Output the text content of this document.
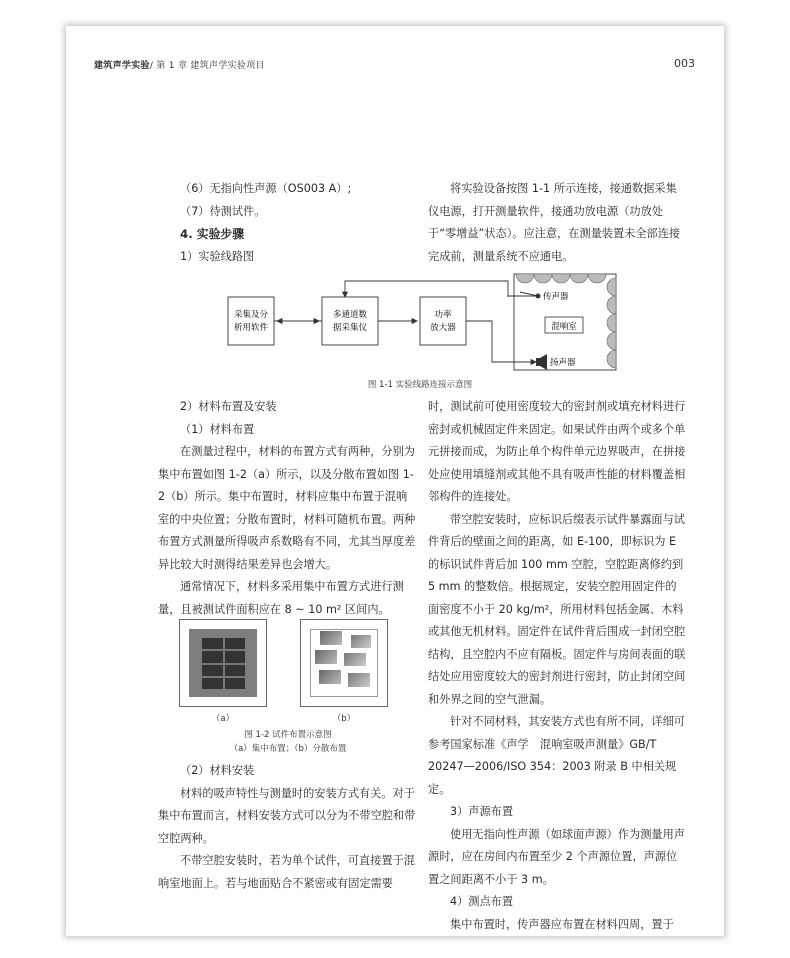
建筑声学实验/ 第 1 章 建筑声学实验项目	003

（6）无指向性声源（OS003 A）;

（7）待测试件。

4. 实验步骤

1）实验线路图

将实验设备按图 1-1 所示连接，接通数据采集仪电源，打开测量软件，接通功放电源（功放处于“零增益”状态）。应注意，在测量装置未全部连接完成前，测量系统不应通电。

采集及分
析用软件
多通道数
据采集仪
功率
放大器	混响室
传声器
扬声器
图 1-1 实验线路连接示意图

2）材料布置及安装

（1）材料布置

在测量过程中，材料的布置方式有两种，分别为集中布置如图 1-2（a）所示，以及分散布置如图 1-2（b）所示。集中布置时，材料应集中布置于混响室的中央位置；分散布置时，材料可随机布置。两种布置方式测量所得吸声系数略有不同，尤其当厚度差异比较大时测得结果差异也会增大。

通常情况下，材料多采用集中布置方式进行测量，且被测试件面积应在 8 ~ 10 m² 区间内。

（a）	（b）
图 1-2 试件布置示意图
（a）集中布置；（b）分散布置

（2）材料安装

材料的吸声特性与测量时的安装方式有关。对于集中布置而言，材料安装方式可以分为不带空腔和带空腔两种。

不带空腔安装时，若为单个试件，可直接置于混响室地面上。若与地面贴合不紧密或有固定需要

时，测试前可使用密度较大的密封剂或填充材料进行密封或机械固定件来固定。如果试件由两个或多个单元拼接而成，为防止单个构件单元边界吸声，在拼接处应使用填缝剂或其他不具有吸声性能的材料覆盖相邻构件的连接处。

带空腔安装时，应标识后缀表示试件暴露面与试件背后的壁面之间的距离，如 E-100，即标识为 E 的标识试件背后加 100 mm 空腔，空腔距离修约到 5 mm 的整数倍。根据规定，安装空腔用固定件的面密度不小于 20 kg/m²，所用材料包括金属、木料或其他无机材料。固定件在试件背后围成一封闭空腔结构，且空腔内不应有隔板。固定件与房间表面的联结处应用密度较大的密封剂进行密封，防止封闭空间和外界之间的空气泄漏。

针对不同材料，其安装方式也有所不同，详细可参考国家标准《声学　混响室吸声测量》GB/T 20247—2006/ISO 354：2003 附录 B 中相关规定。

3）声源布置

使用无指向性声源（如球面声源）作为测量用声源时，应在房间内布置至少 2 个声源位置，声源位置之间距离不小于 3 m。

4）测点布置

集中布置时，传声器应布置在材料四周，置于
